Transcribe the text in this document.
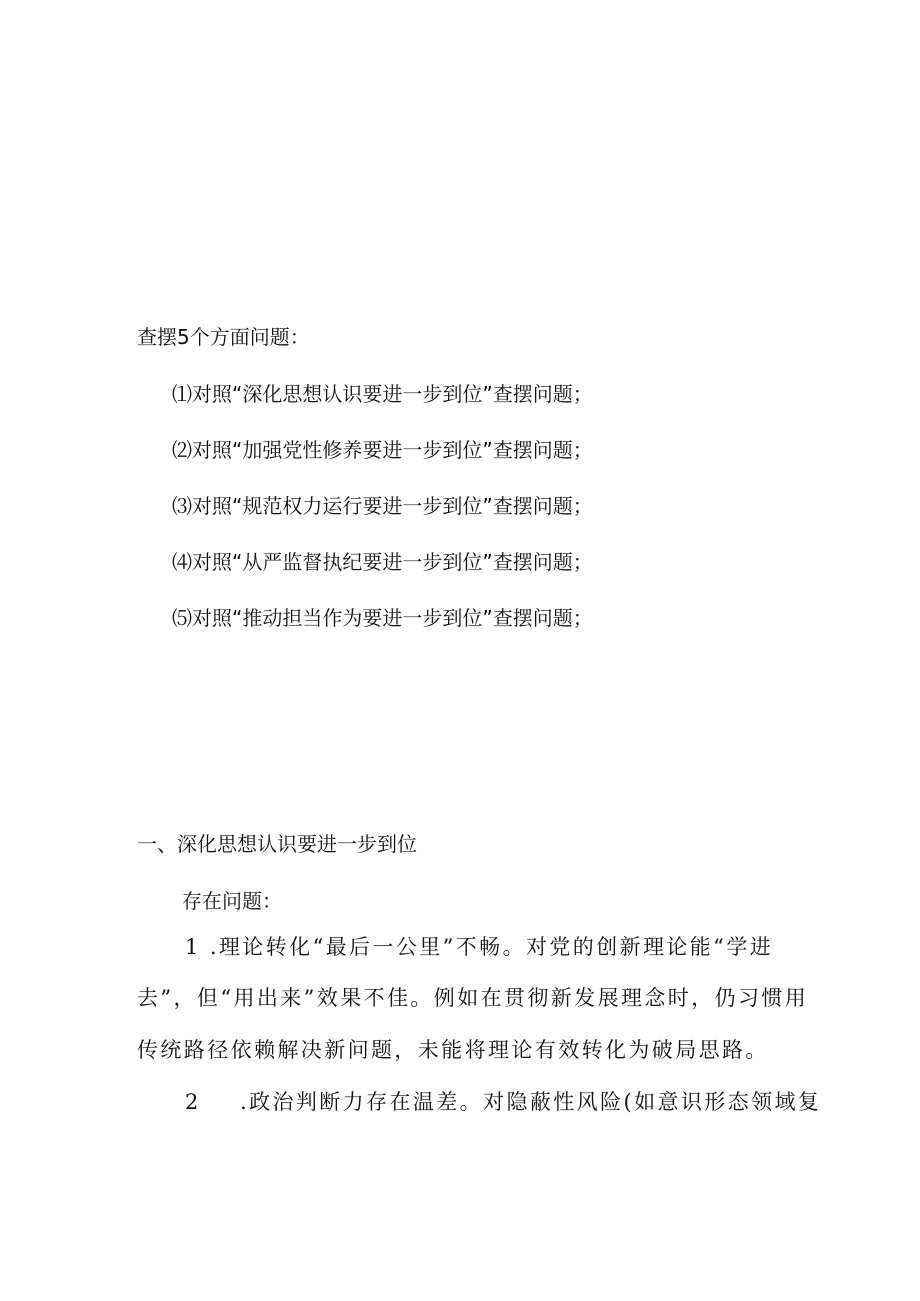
查摆5个方面问题：
⑴对照“深化思想认识要进一步到位”查摆问题；
⑵对照“加强党性修养要进一步到位”查摆问题；
⑶对照“规范权力运行要进一步到位”查摆问题；
⑷对照“从严监督执纪要进一步到位”查摆问题；
⑸对照“推动担当作为要进一步到位”查摆问题；
一、深化思想认识要进一步到位
存在问题：
1 .理论转化“最后一公里”不畅。对党的创新理论能“学进
去”，但“用出来”效果不佳。例如在贯彻新发展理念时，仍习惯用
传统路径依赖解决新问题，未能将理论有效转化为破局思路。
2 .政治判断力存在温差。对隐蔽性风险(如意识形态领域复
